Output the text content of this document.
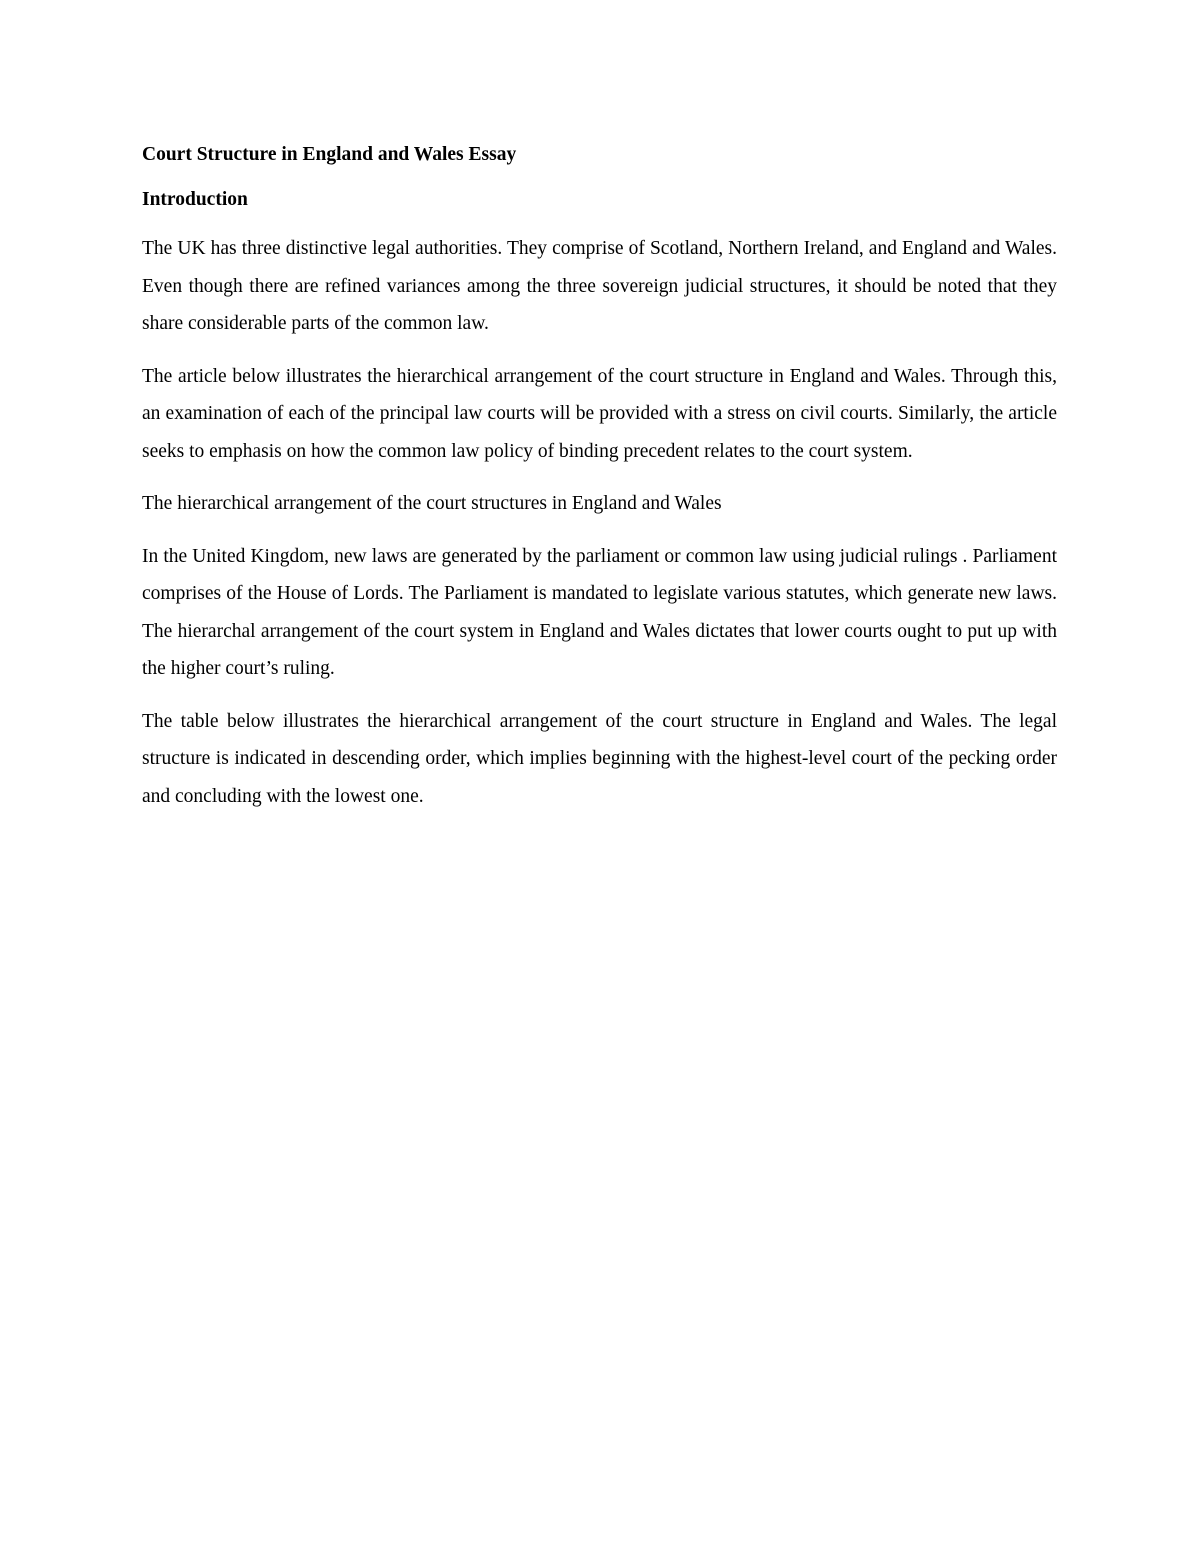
Court Structure in England and Wales Essay

Introduction

The UK has three distinctive legal authorities. They comprise of Scotland, Northern Ireland, and England and Wales. Even though there are refined variances among the three sovereign judicial structures, it should be noted that they share considerable parts of the common law.

The article below illustrates the hierarchical arrangement of the court structure in England and Wales. Through this, an examination of each of the principal law courts will be provided with a stress on civil courts. Similarly, the article seeks to emphasis on how the common law policy of binding precedent relates to the court system.

The hierarchical arrangement of the court structures in England and Wales

In the United Kingdom, new laws are generated by the parliament or common law using judicial rulings . Parliament comprises of the House of Lords. The Parliament is mandated to legislate various statutes, which generate new laws. The hierarchal arrangement of the court system in England and Wales dictates that lower courts ought to put up with the higher court’s ruling.

The table below illustrates the hierarchical arrangement of the court structure in England and Wales. The legal structure is indicated in descending order, which implies beginning with the highest-level court of the pecking order and concluding with the lowest one.
